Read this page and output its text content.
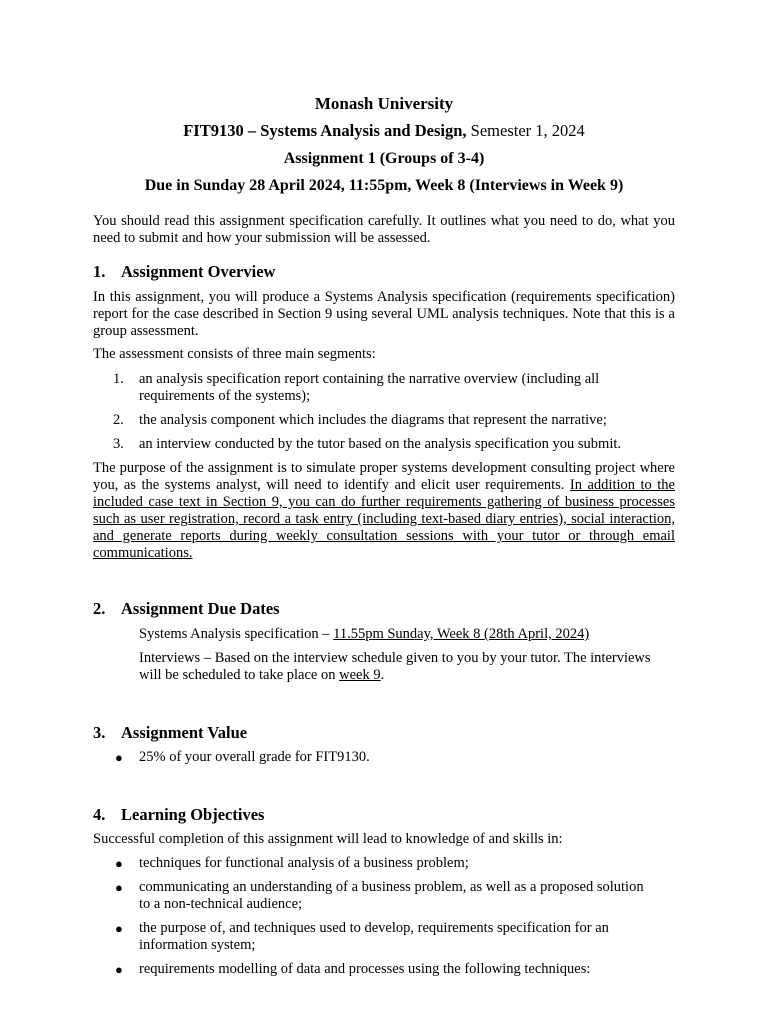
Monash University
FIT9130 – Systems Analysis and Design, Semester 1, 2024
Assignment 1 (Groups of 3-4)
Due in Sunday 28 April 2024, 11:55pm, Week 8 (Interviews in Week 9)
You should read this assignment specification carefully. It outlines what you need to do, what you need to submit and how your submission will be assessed.
1. Assignment Overview
In this assignment, you will produce a Systems Analysis specification (requirements specification) report for the case described in Section 9 using several UML analysis techniques. Note that this is a group assessment.
The assessment consists of three main segments:
1.	an analysis specification report containing the narrative overview (including all requirements of the systems);
2.	the analysis component which includes the diagrams that represent the narrative;
3.	an interview conducted by the tutor based on the analysis specification you submit.
The purpose of the assignment is to simulate proper systems development consulting project where you, as the systems analyst, will need to identify and elicit user requirements. In addition to the included case text in Section 9, you can do further requirements gathering of business processes such as user registration, record a task entry (including text-based diary entries), social interaction, and generate reports during weekly consultation sessions with your tutor or through email communications.
2. Assignment Due Dates
Systems Analysis specification – 11.55pm Sunday, Week 8 (28th April, 2024)
Interviews – Based on the interview schedule given to you by your tutor. The interviews will be scheduled to take place on week 9.
3. Assignment Value
●	25% of your overall grade for FIT9130.
4. Learning Objectives
Successful completion of this assignment will lead to knowledge of and skills in:
●	techniques for functional analysis of a business problem;
●	communicating an understanding of a business problem, as well as a proposed solution to a non-technical audience;
●	the purpose of, and techniques used to develop, requirements specification for an information system;
●	requirements modelling of data and processes using the following techniques:
